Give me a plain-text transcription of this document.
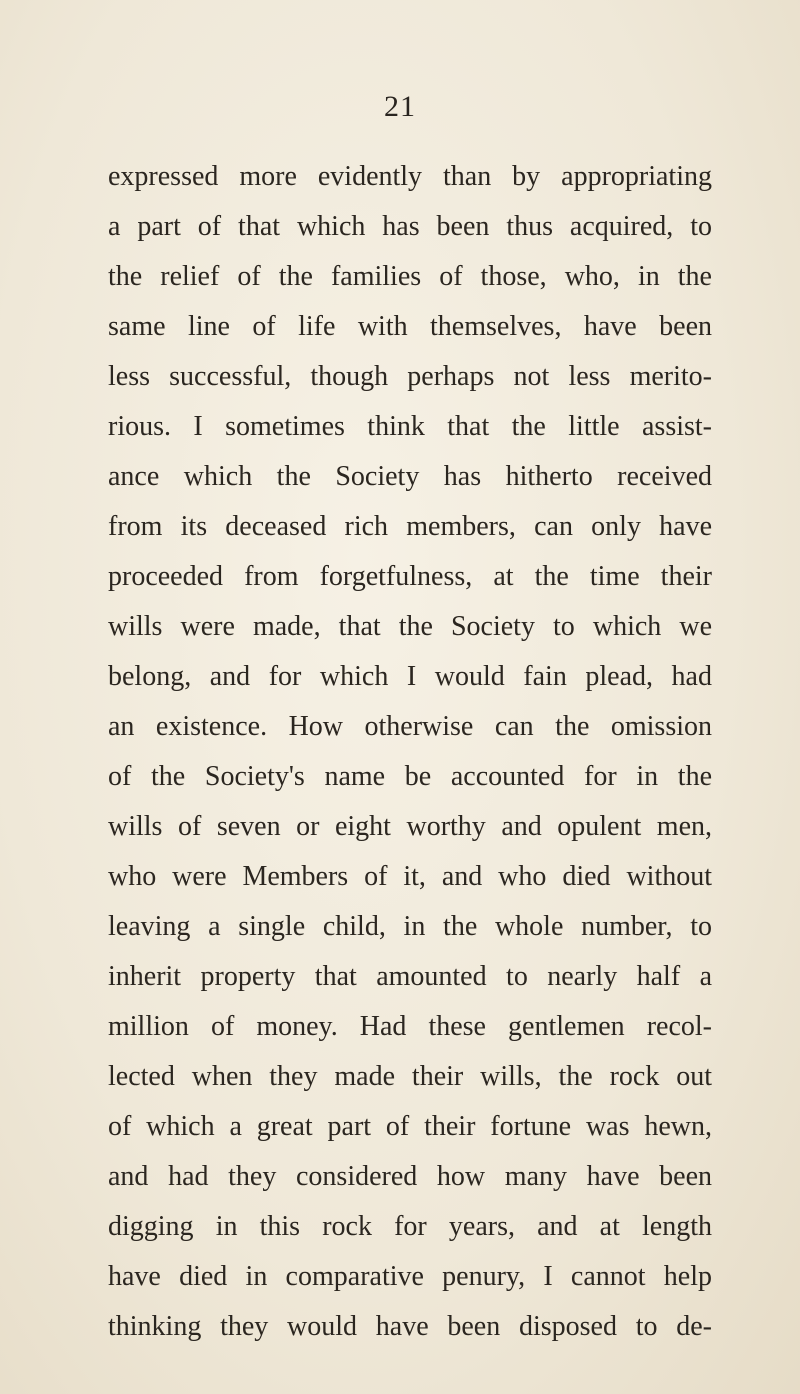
21
expressed more evidently than by appropriating
a part of that which has been thus acquired, to
the relief of the families of those, who, in the
same line of life with themselves, have been
less successful, though perhaps not less merito-
rious. I sometimes think that the little assist-
ance which the Society has hitherto received
from its deceased rich members, can only have
proceeded from forgetfulness, at the time their
wills were made, that the Society to which we
belong, and for which I would fain plead, had
an existence. How otherwise can the omission
of the Society's name be accounted for in the
wills of seven or eight worthy and opulent men,
who were Members of it, and who died without
leaving a single child, in the whole number, to
inherit property that amounted to nearly half a
million of money. Had these gentlemen recol-
lected when they made their wills, the rock out
of which a great part of their fortune was hewn,
and had they considered how many have been
digging in this rock for years, and at length
have died in comparative penury, I cannot help
thinking they would have been disposed to de-
